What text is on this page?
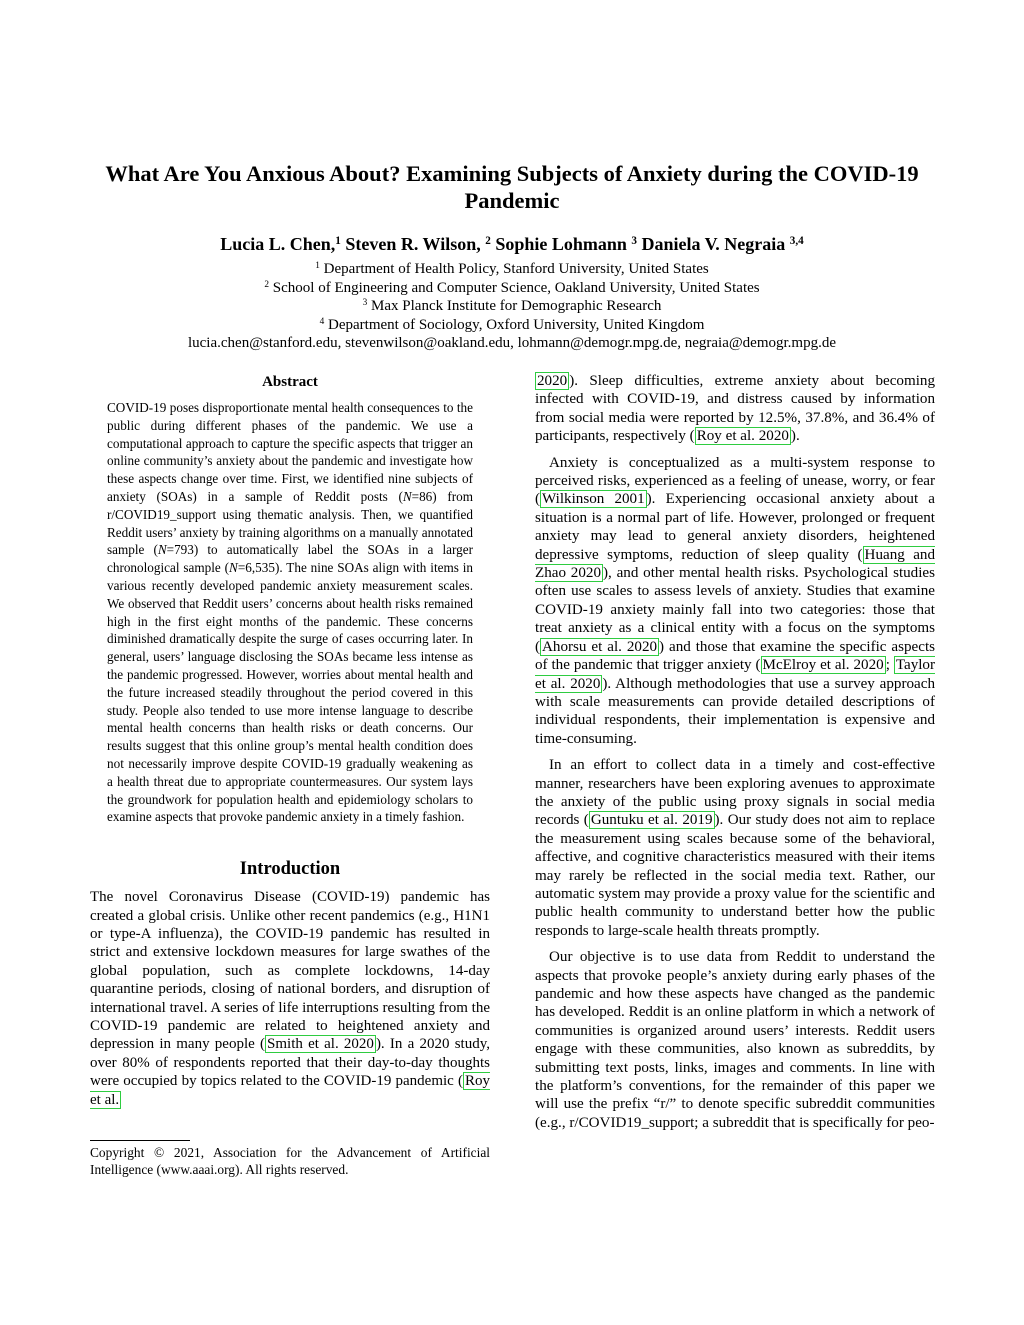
What Are You Anxious About? Examining Subjects of Anxiety during the COVID-19 Pandemic
Lucia L. Chen,$^1$ Steven R. Wilson, $^2$ Sophie Lohmann $^3$ Daniela V. Negraia $^{3,4}$
$^1$ Department of Health Policy, Stanford University, United States
$^2$ School of Engineering and Computer Science, Oakland University, United States
$^3$ Max Planck Institute for Demographic Research
$^4$ Department of Sociology, Oxford University, United Kingdom
lucia.chen@stanford.edu, stevenwilson@oakland.edu, lohmann@demogr.mpg.de, negraia@demogr.mpg.de
Abstract

COVID-19 poses disproportionate mental health consequences to the public during different phases of the pandemic. We use a computational approach to capture the specific aspects that trigger an online community’s anxiety about the pandemic and investigate how these aspects change over time. First, we identified nine subjects of anxiety (SOAs) in a sample of Reddit posts (N=86) from r/COVID19_support using thematic analysis. Then, we quantified Reddit users’ anxiety by training algorithms on a manually annotated sample (N=793) to automatically label the SOAs in a larger chronological sample (N=6,535). The nine SOAs align with items in various recently developed pandemic anxiety measurement scales. We observed that Reddit users’ concerns about health risks remained high in the first eight months of the pandemic. These concerns diminished dramatically despite the surge of cases occurring later. In general, users’ language disclosing the SOAs became less intense as the pandemic progressed. However, worries about mental health and the future increased steadily throughout the period covered in this study. People also tended to use more intense language to describe mental health concerns than health risks or death concerns. Our results suggest that this online group’s mental health condition does not necessarily improve despite COVID-19 gradually weakening as a health threat due to appropriate countermeasures. Our system lays the groundwork for population health and epidemiology scholars to examine aspects that provoke pandemic anxiety in a timely fashion.

Introduction

The novel Coronavirus Disease (COVID-19) pandemic has created a global crisis. Unlike other recent pandemics (e.g., H1N1 or type-A influenza), the COVID-19 pandemic has resulted in strict and extensive lockdown measures for large swathes of the global population, such as complete lockdowns, 14-day quarantine periods, closing of national borders, and disruption of international travel. A series of life interruptions resulting from the COVID-19 pandemic are related to heightened anxiety and depression in many people ( Smith et al. 2020 ). In a 2020 study, over 80% of respondents reported that their day-to-day thoughts were occupied by topics related to the COVID-19 pandemic ( Roy et al.

2020 ). Sleep difficulties, extreme anxiety about becoming infected with COVID-19, and distress caused by information from social media were reported by 12.5%, 37.8%, and 36.4% of participants, respectively ( Roy et al. 2020 ).

Anxiety is conceptualized as a multi-system response to perceived risks, experienced as a feeling of unease, worry, or fear ( Wilkinson 2001 ). Experiencing occasional anxiety about a situation is a normal part of life. However, prolonged or frequent anxiety may lead to general anxiety disorders, heightened depressive symptoms, reduction of sleep quality ( Huang and Zhao 2020 ), and other mental health risks. Psychological studies often use scales to assess levels of anxiety. Studies that examine COVID-19 anxiety mainly fall into two categories: those that treat anxiety as a clinical entity with a focus on the symptoms ( Ahorsu et al. 2020 ) and those that examine the specific aspects of the pandemic that trigger anxiety ( McElroy et al. 2020 ; Taylor et al. 2020 ). Although methodologies that use a survey approach with scale measurements can provide detailed descriptions of individual respondents, their implementation is expensive and time-consuming.

In an effort to collect data in a timely and cost-effective manner, researchers have been exploring avenues to approximate the anxiety of the public using proxy signals in social media records ( Guntuku et al. 2019 ). Our study does not aim to replace the measurement using scales because some of the behavioral, affective, and cognitive characteristics measured with their items may rarely be reflected in the social media text. Rather, our automatic system may provide a proxy value for the scientific and public health community to understand better how the public responds to large-scale health threats promptly.

Our objective is to use data from Reddit to understand the aspects that provoke people’s anxiety during early phases of the pandemic and how these aspects have changed as the pandemic has developed. Reddit is an online platform in which a network of communities is organized around users’ interests. Reddit users engage with these communities, also known as subreddits, by submitting text posts, links, images and comments. In line with the platform’s conventions, for the remainder of this paper we will use the prefix “r/” to denote specific subreddit communities (e.g., r/COVID19_support; a subreddit that is specifically for peo-

Copyright © 2021, Association for the Advancement of Artificial Intelligence (www.aaai.org). All rights reserved.
